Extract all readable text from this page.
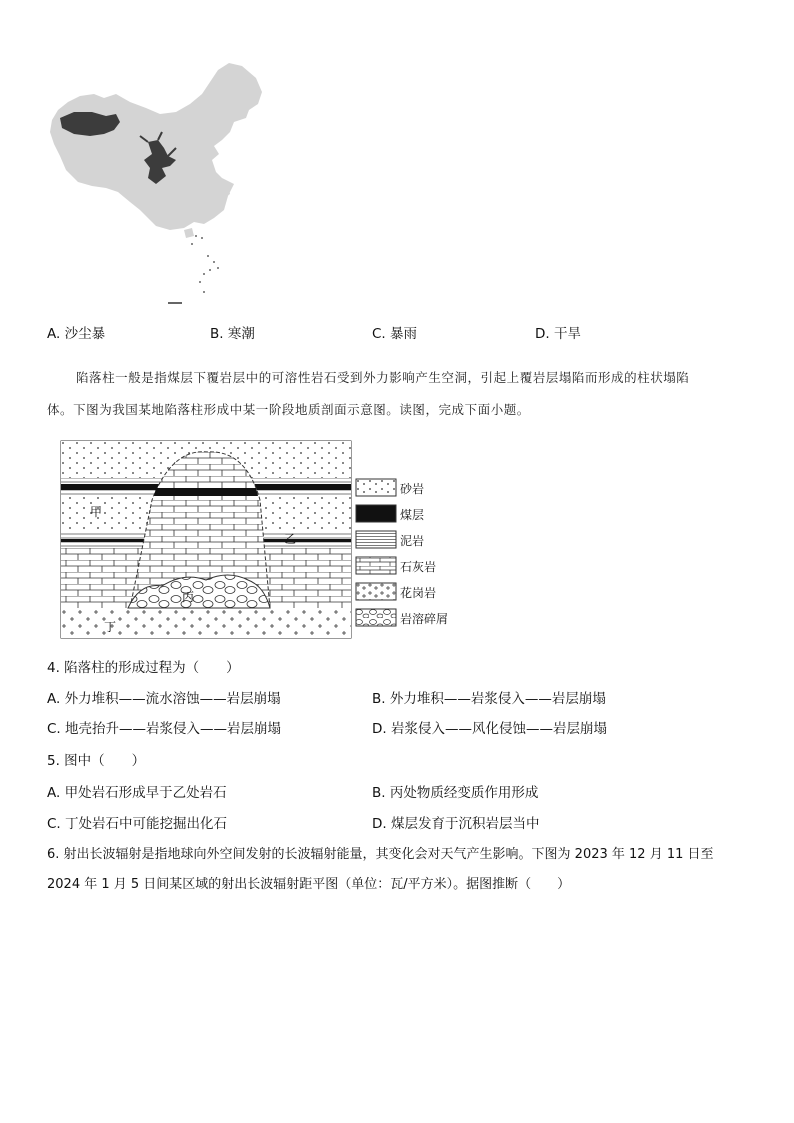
A. 沙尘暴	B. 寒潮	C. 暴雨	D. 干旱
陷落柱一般是指煤层下覆岩层中的可溶性岩石受到外力影响产生空洞，引起上覆岩层塌陷而形成的柱状塌陷
体。下图为我国某地陷落柱形成中某一阶段地质剖面示意图。读图，完成下面小题。
甲
乙
丙
丁
砂岩
煤层
泥岩
石灰岩
花岗岩
岩溶碎屑
4. 陷落柱的形成过程为（　　）
A. 外力堆积——流水溶蚀——岩层崩塌	B. 外力堆积——岩浆侵入——岩层崩塌
C. 地壳抬升——岩浆侵入——岩层崩塌	D. 岩浆侵入——风化侵蚀——岩层崩塌
5. 图中（　　）
A. 甲处岩石形成早于乙处岩石	B. 丙处物质经变质作用形成
C. 丁处岩石中可能挖掘出化石	D. 煤层发育于沉积岩层当中
6. 射出长波辐射是指地球向外空间发射的长波辐射能量，其变化会对天气产生影响。下图为 2023 年 12 月 11 日至
2024 年 1 月 5 日间某区域的射出长波辐射距平图（单位：瓦/平方米）。据图推断（　　）
